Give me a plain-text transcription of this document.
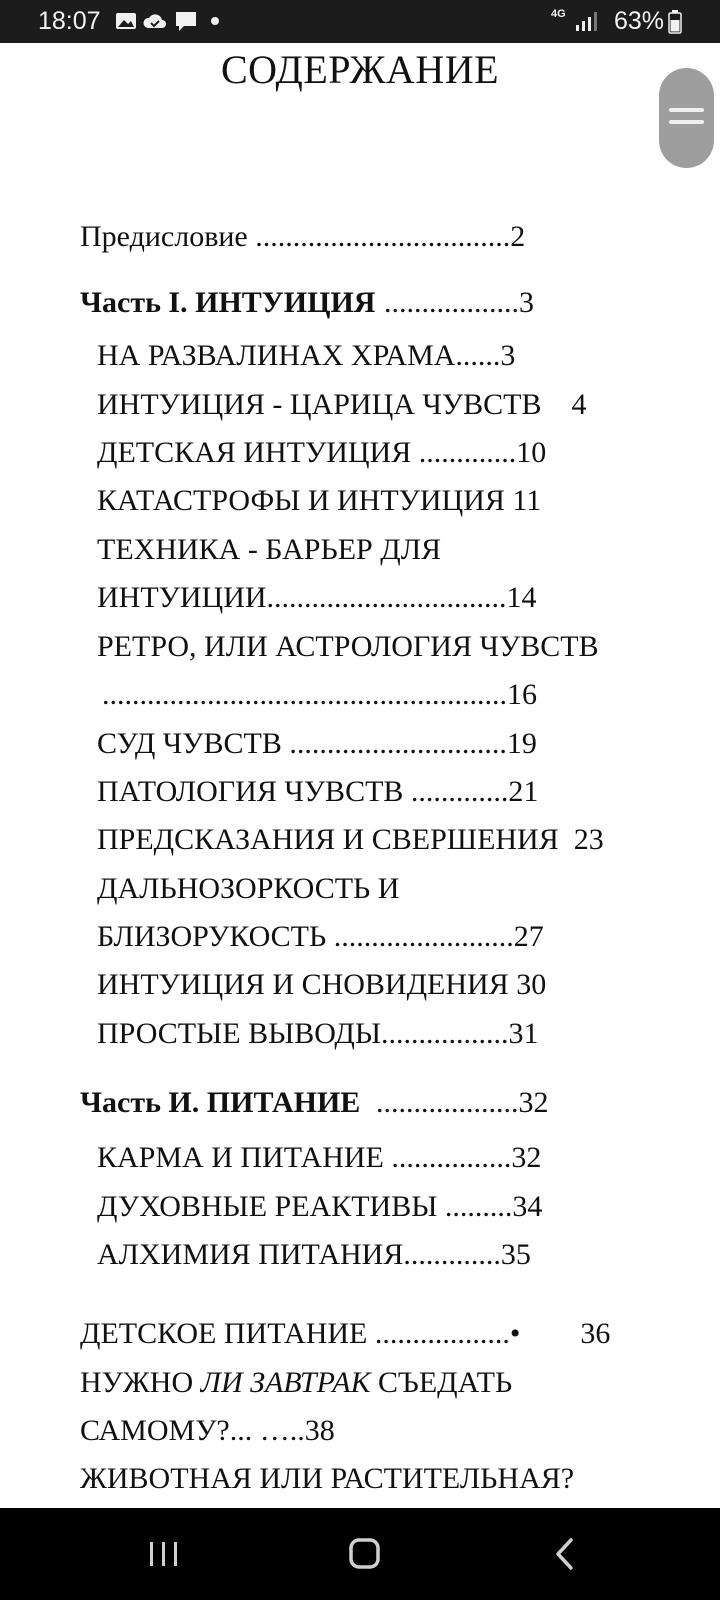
18:07	4G 63%
СОДЕРЖАНИЕ
Предисловие ..................................2
Часть I. ИНТУИЦИЯ ..................3
НА РАЗВАЛИНАХ ХРАМА......3
ИНТУИЦИЯ - ЦАРИЦА ЧУВСТВ    4
ДЕТСКАЯ ИНТУИЦИЯ .............10
КАТАСТРОФЫ И ИНТУИЦИЯ 11
ТЕХНИКА - БАРЬЕР ДЛЯ
ИНТУИЦИИ................................14
РЕТРО, ИЛИ АСТРОЛОГИЯ ЧУВСТВ
......................................................16
СУД ЧУВСТВ .............................19
ПАТОЛОГИЯ ЧУВСТВ .............21
ПРЕДСКАЗАНИЯ И СВЕРШЕНИЯ  23
ДАЛЬНОЗОРКОСТЬ И
БЛИЗОРУКОСТЬ ........................27
ИНТУИЦИЯ И СНОВИДЕНИЯ 30
ПРОСТЫЕ ВЫВОДЫ.................31
Часть И. ПИТАНИЕ ...................32
КАРМА И ПИТАНИЕ ................32
ДУХОВНЫЕ РЕАКТИВЫ .........34
АЛХИМИЯ ПИТАНИЯ.............35
ДЕТСКОЕ ПИТАНИЕ ..................•        36
НУЖНО ЛИ ЗАВТРАК СЪЕДАТЬ
САМОМУ?... …..38
ЖИВОТНАЯ ИЛИ РАСТИТЕЛЬНАЯ?
